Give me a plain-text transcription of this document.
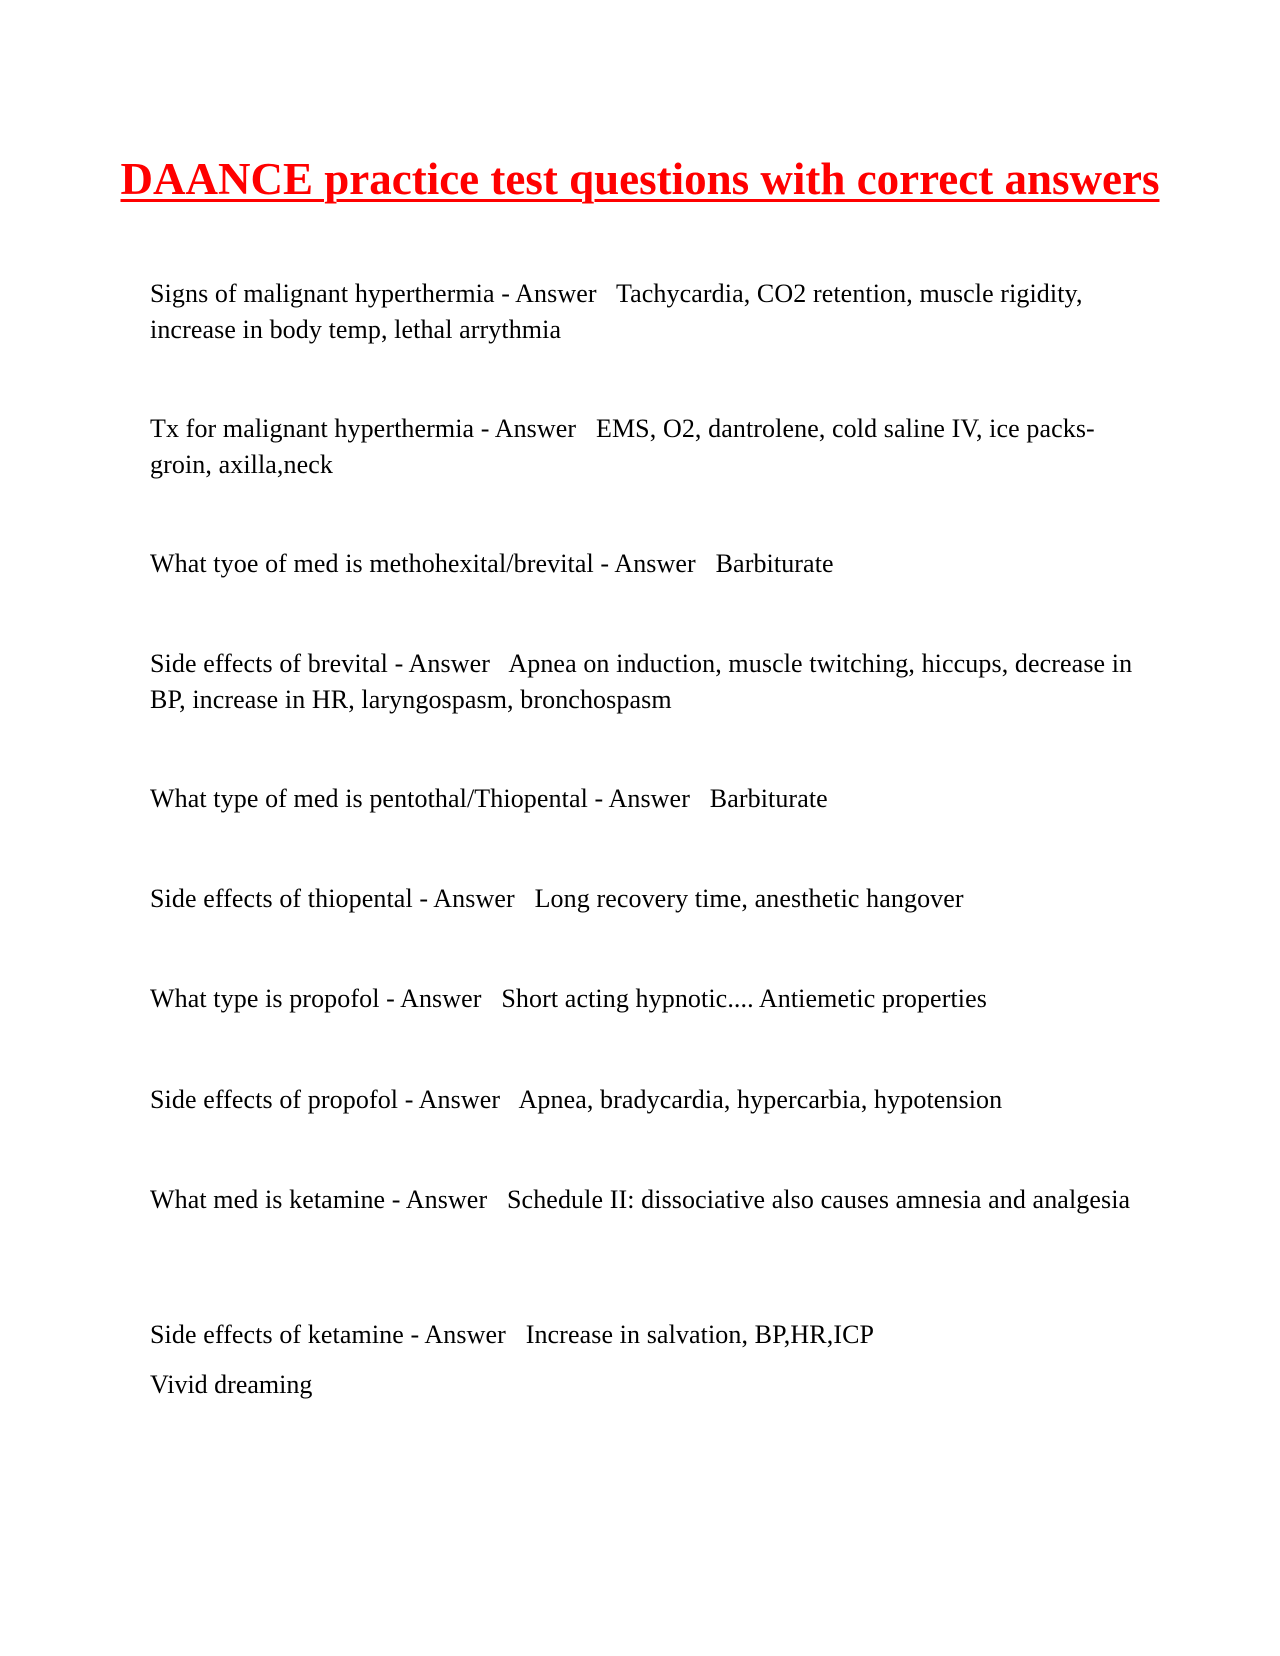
DAANCE practice test questions with correct answers

Signs of malignant hyperthermia - Answer   Tachycardia, CO2 retention, muscle rigidity, increase in body temp, lethal arrythmia

Tx for malignant hyperthermia - Answer   EMS, O2, dantrolene, cold saline IV, ice packs-groin, axilla,neck

What tyoe of med is methohexital/brevital - Answer   Barbiturate

Side effects of brevital - Answer   Apnea on induction, muscle twitching, hiccups, decrease in BP, increase in HR, laryngospasm, bronchospasm

What type of med is pentothal/Thiopental - Answer   Barbiturate

Side effects of thiopental - Answer   Long recovery time, anesthetic hangover

What type is propofol - Answer   Short acting hypnotic.... Antiemetic properties

Side effects of propofol - Answer   Apnea, bradycardia, hypercarbia, hypotension

What med is ketamine - Answer   Schedule II: dissociative also causes amnesia and analgesia

Side effects of ketamine - Answer   Increase in salvation, BP,HR,ICP

Vivid dreaming
